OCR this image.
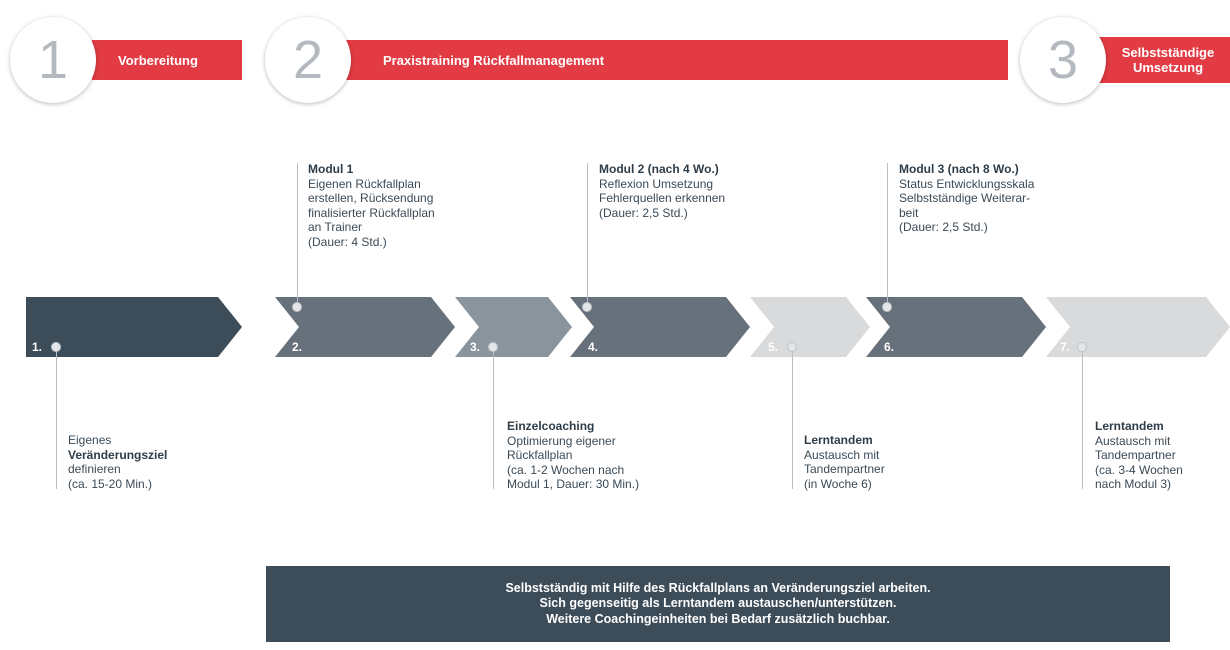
Vorbereitung	Praxistraining Rückfallmanagement	Selbstständige
Umsetzung
1	2	3
1.	2.	3.	4.	5.	6.	7.
Modul 1
Eigenen Rückfallplan
erstellen, Rücksendung
finalisierter Rückfallplan
an Trainer
(Dauer: 4 Std.)
Modul 2 (nach 4 Wo.)
Reflexion Umsetzung
Fehlerquellen erkennen
(Dauer: 2,5 Std.)
Modul 3 (nach 8 Wo.)
Status Entwicklungsskala
Selbstständige Weiterar-
beit
(Dauer: 2,5 Std.)
Eigenes
Veränderungsziel
definieren
(ca. 15-20 Min.)
Einzelcoaching
Optimierung eigener
Rückfallplan
(ca. 1-2 Wochen nach
Modul 1, Dauer: 30 Min.)
Lerntandem
Austausch mit
Tandempartner
(in Woche 6)
Lerntandem
Austausch mit
Tandempartner
(ca. 3-4 Wochen
nach Modul 3)
Selbstständig mit Hilfe des Rückfallplans an Veränderungsziel arbeiten.
Sich gegenseitig als Lerntandem austauschen/unterstützen.
Weitere Coachingeinheiten bei Bedarf zusätzlich buchbar.
